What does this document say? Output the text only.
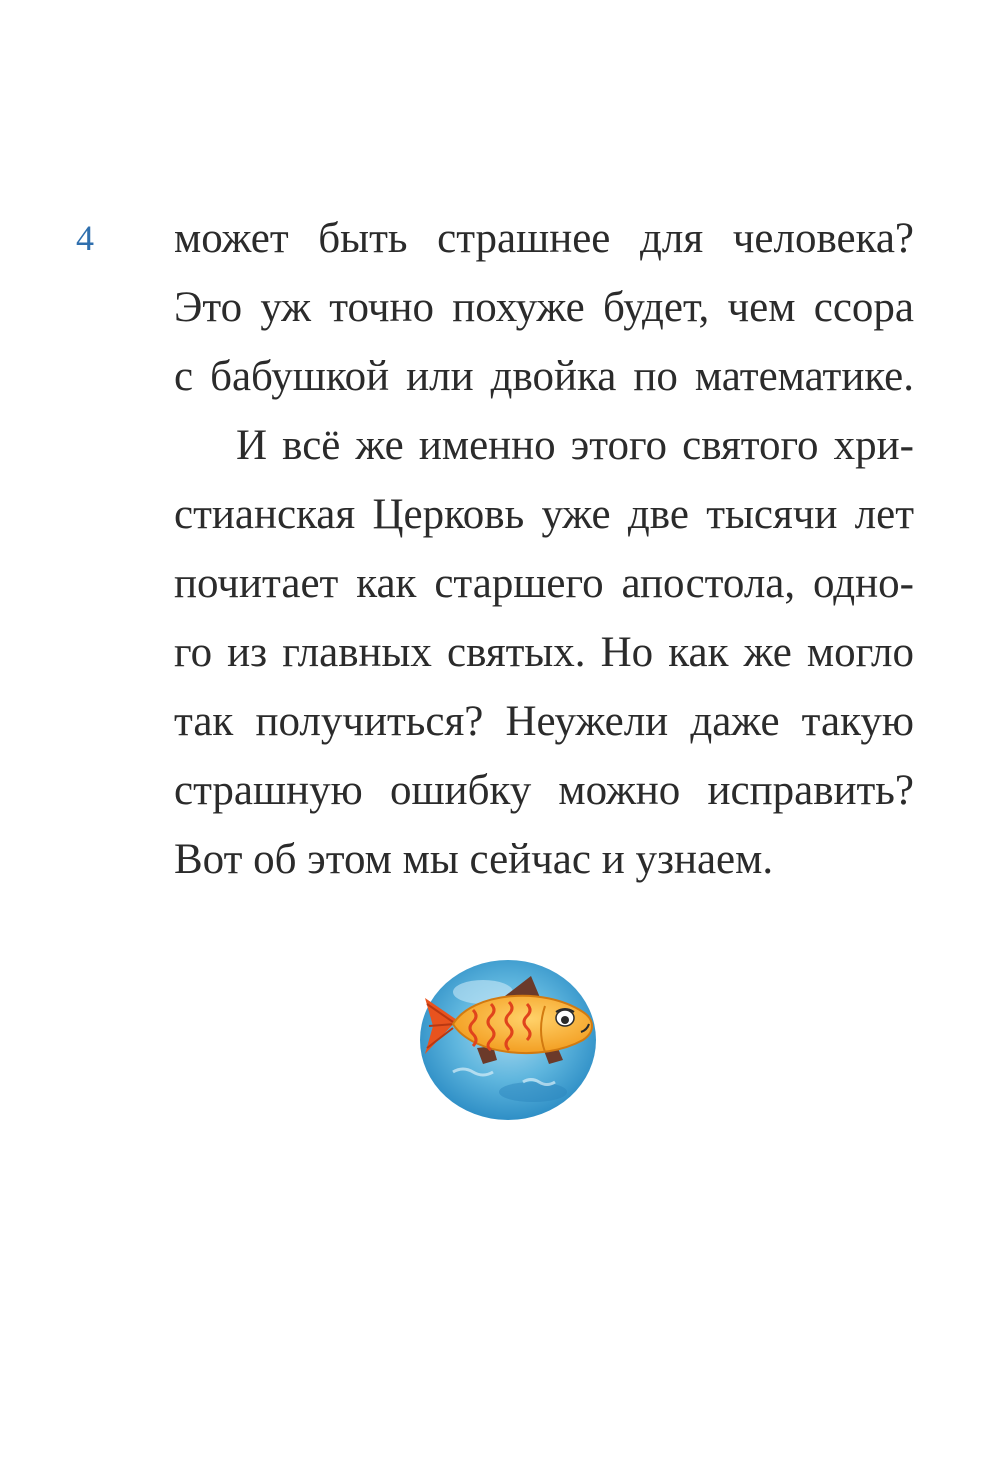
4 может быть страшнее для человека?
Это уж точно похуже будет, чем ссора
с бабушкой или двойка по математике.
И всё же именно этого святого хри-
стианская Церковь уже две тысячи лет
почитает как старшего апостола, одно-
го из главных святых. Но как же могло
так получиться? Неужели даже такую
страшную ошибку можно исправить?
Вот об этом мы сейчас и узнаем.
